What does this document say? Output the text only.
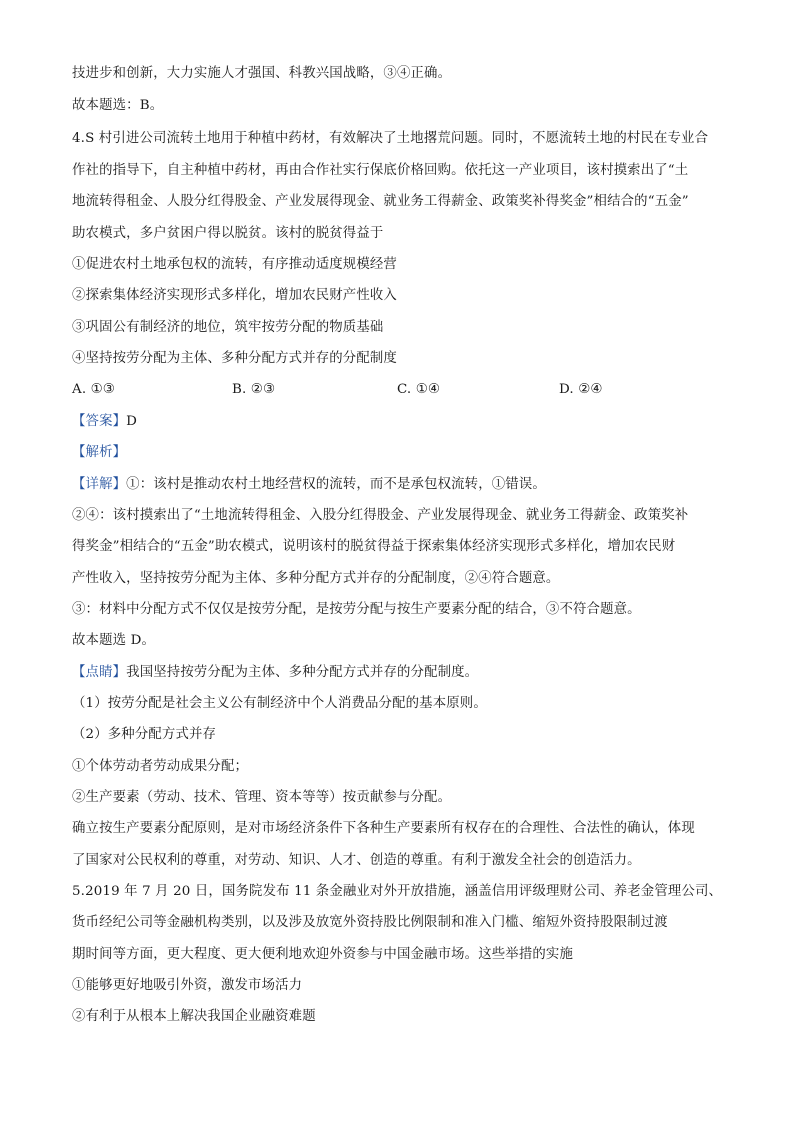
技进步和创新，大力实施人才强国、科教兴国战略，③④正确。
故本题选：B。
4.S 村引进公司流转土地用于种植中药材，有效解决了土地撂荒问题。同时，不愿流转土地的村民在专业合
作社的指导下，自主种植中药材，再由合作社实行保底价格回购。依托这一产业项目，该村摸索出了“土
地流转得租金、人股分红得股金、产业发展得现金、就业务工得薪金、政策奖补得奖金”相结合的“五金”
助农模式，多户贫困户得以脱贫。该村的脱贫得益于
①促进农村土地承包权的流转，有序推动适度规模经营
②探索集体经济实现形式多样化，增加农民财产性收入
③巩固公有制经济的地位，筑牢按劳分配的物质基础
④坚持按劳分配为主体、多种分配方式并存的分配制度
A. ①③	B. ②③	C. ①④	D. ②④
【答案】D
【解析】
【详解】①：该村是推动农村土地经营权的流转，而不是承包权流转，①错误。
②④：该村摸索出了“土地流转得租金、入股分红得股金、产业发展得现金、就业务工得薪金、政策奖补
得奖金”相结合的“五金”助农模式，说明该村的脱贫得益于探索集体经济实现形式多样化，增加农民财
产性收入，坚持按劳分配为主体、多种分配方式并存的分配制度，②④符合题意。
③：材料中分配方式不仅仅是按劳分配，是按劳分配与按生产要素分配的结合，③不符合题意。
故本题选 D。
【点睛】我国坚持按劳分配为主体、多种分配方式并存的分配制度。
（1）按劳分配是社会主义公有制经济中个人消费品分配的基本原则。
（2）多种分配方式并存
①个体劳动者劳动成果分配；
②生产要素（劳动、技术、管理、资本等等）按贡献参与分配。
确立按生产要素分配原则，是对市场经济条件下各种生产要素所有权存在的合理性、合法性的确认，体现
了国家对公民权利的尊重，对劳动、知识、人才、创造的尊重。有利于激发全社会的创造活力。
5.2019 年 7 月 20 日，国务院发布 11 条金融业对外开放措施，涵盖信用评级理财公司、养老金管理公司、
货币经纪公司等金融机构类别，以及涉及放宽外资持股比例限制和准入门槛、缩短外资持股限制过渡
期时间等方面，更大程度、更大便利地欢迎外资参与中国金融市场。这些举措的实施
①能够更好地吸引外资，激发市场活力
②有利于从根本上解决我国企业融资难题
